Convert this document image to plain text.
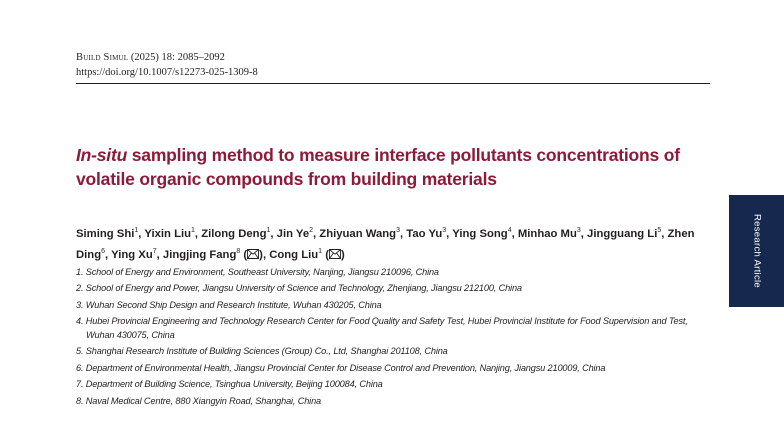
Build Simul (2025) 18: 2085–2092
https://doi.org/10.1007/s12273-025-1309-8
In-situ sampling method to measure interface pollutants concentrations of volatile organic compounds from building materials

Siming Shi$^1$, Yixin Liu$^1$, Zilong Deng$^1$, Jin Ye$^2$, Zhiyuan Wang$^3$, Tao Yu$^3$, Ying Song$^4$, Minhao Mu$^3$, Jingguang Li$^5$, Zhen Ding$^6$, Ying Xu$^7$, Jingjing Fang$^8$ ( ), Cong Liu$^1$ ( )

1. School of Energy and Environment, Southeast University, Nanjing, Jiangsu 210096, China
2. School of Energy and Power, Jiangsu University of Science and Technology, Zhenjiang, Jiangsu 212100, China
3. Wuhan Second Ship Design and Research Institute, Wuhan 430205, China
4. Hubei Provincial Engineering and Technology Research Center for Food Quality and Safety Test, Hubei Provincial Institute for Food Supervision and Test, Wuhan 430075, China
5. Shanghai Research Institute of Building Sciences (Group) Co., Ltd, Shanghai 201108, China
6. Department of Environmental Health, Jiangsu Provincial Center for Disease Control and Prevention, Nanjing, Jiangsu 210009, China
7. Department of Building Science, Tsinghua University, Beijing 100084, China
8. Naval Medical Centre, 880 Xiangyin Road, Shanghai, China
Research Article
